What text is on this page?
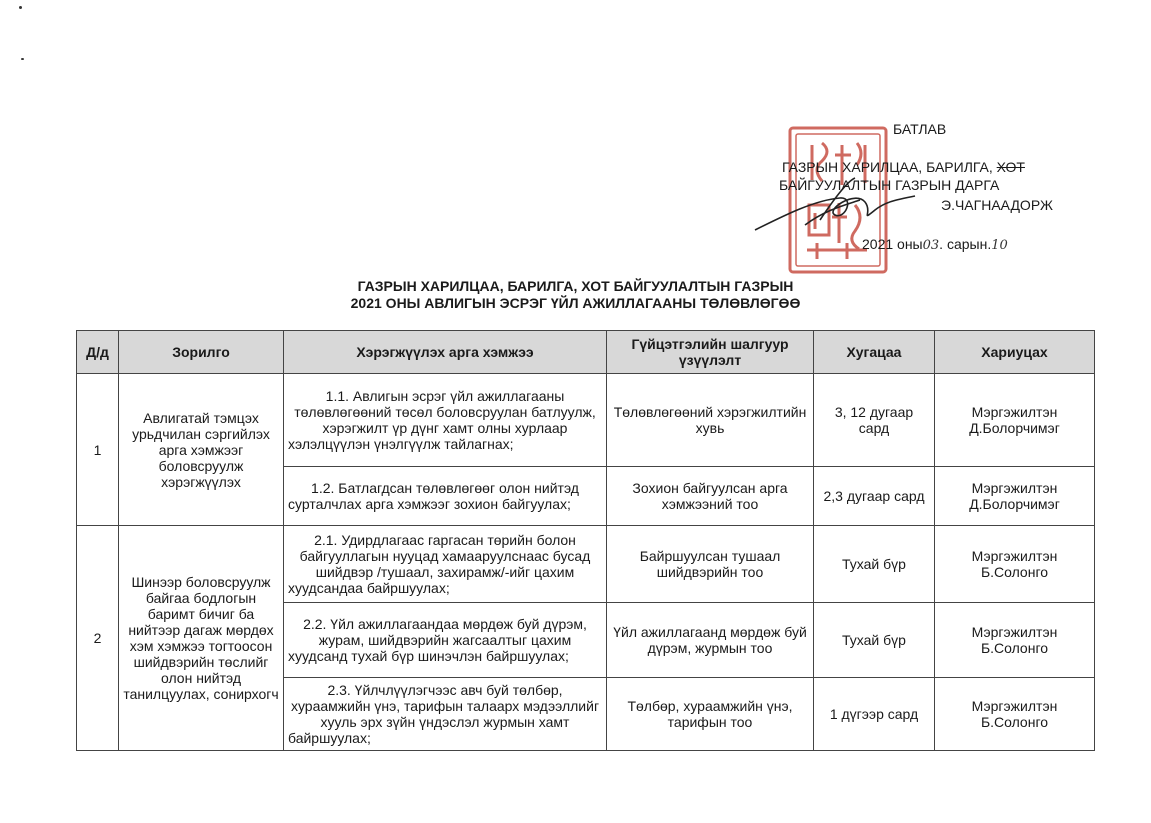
БАТЛАВ
ГАЗРЫН ХАРИЛЦАА, БАРИЛГА, ХОТ
БАЙГУУЛАЛТЫН ГАЗРЫН ДАРГА
Э.ЧАГНААДОРЖ
2021 оны03. сарын.10
ГАЗРЫН ХАРИЛЦАА, БАРИЛГА, ХОТ БАЙГУУЛАЛТЫН ГАЗРЫН
2021 ОНЫ АВЛИГЫН ЭСРЭГ ҮЙЛ АЖИЛЛАГААНЫ ТӨЛӨВЛӨГӨӨ
Д/д	Зорилго	Хэрэгжүүлэх арга хэмжээ	Гүйцэтгэлийн шалгуур үзүүлэлт	Хугацаа	Хариуцах
1	Авлигатай тэмцэх урьдчилан сэргийлэх арга хэмжээг боловсруулж хэрэгжүүлэх	1.1. Авлигын эсрэг үйл ажиллагааны төлөвлөгөөний төсөл боловсруулан батлуулж, хэрэгжилт үр дүнг хамт олны хурлаар хэлэлцүүлэн үнэлгүүлж тайлагнах;	Төлөвлөгөөний хэрэгжилтийн хувь	3, 12 дугаар сард	Мэргэжилтэн Д.Болорчимэг
		1.2. Батлагдсан төлөвлөгөөг олон нийтэд сурталчлах арга хэмжээг зохион байгуулах;	Зохион байгуулсан арга хэмжээний тоо	2,3 дугаар сард	Мэргэжилтэн Д.Болорчимэг
2	Шинээр боловсруулж байгаа бодлогын баримт бичиг ба нийтээр дагаж мөрдөх хэм хэмжээ тогтоосон шийдвэрийн төслийг олон нийтэд танилцуулах, сонирхогч	2.1. Удирдлагаас гаргасан төрийн болон байгууллагын нууцад хамааруулснаас бусад шийдвэр /тушаал, захирамж/-ийг цахим хуудсандаа байршуулах;	Байршуулсан тушаал шийдвэрийн тоо	Тухай бүр	Мэргэжилтэн Б.Солонго
		2.2. Үйл ажиллагаандаа мөрдөж буй дүрэм, журам, шийдвэрийн жагсаалтыг цахим хуудсанд тухай бүр шинэчлэн байршуулах;	Үйл ажиллагаанд мөрдөж буй дүрэм, журмын тоо	Тухай бүр	Мэргэжилтэн Б.Солонго
		2.3. Үйлчлүүлэгчээс авч буй төлбөр, хураамжийн үнэ, тарифын талаарх мэдээллийг хууль эрх зүйн үндэслэл журмын хамт байршуулах;	Төлбөр, хураамжийн үнэ, тарифын тоо	1 дүгээр сард	Мэргэжилтэн Б.Солонго
